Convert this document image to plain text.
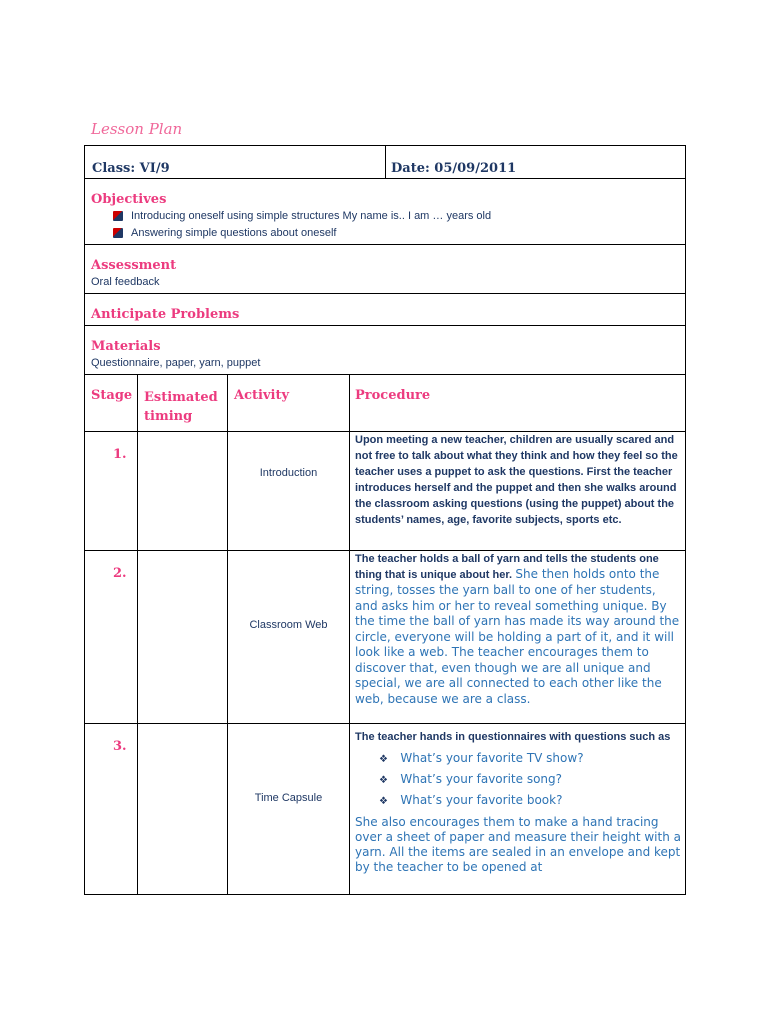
Lesson Plan
Class: VI/9	Date: 05/09/2011
Objectives
Introducing oneself using simple structures My name is.. I am … years old
Answering simple questions about oneself
Assessment
Oral feedback
Anticipate Problems
Materials
Questionnaire, paper, yarn, puppet
Stage Estimated
timing
Activity	Procedure
1.
Introduction
Upon meeting a new teacher, children are usually scared and not free to talk about what they think and how they feel so the teacher uses a puppet to ask the questions. First the teacher introduces herself and the puppet and then she walks around the classroom asking questions (using the puppet) about the students’ names, age, favorite subjects, sports etc.
2.
Classroom Web
The teacher holds a ball of yarn and tells the students one thing that is unique about her. She then holds onto the string, tosses the yarn ball to one of her students, and asks him or her to reveal something unique. By the time the ball of yarn has made its way around the circle, everyone will be holding a part of it, and it will look like a web. The teacher encourages them to discover that, even though we are all unique and special, we are all connected to each other like the web, because we are a class.
3.
Time Capsule
The teacher hands in questionnaires with questions such as
❖ What’s your favorite TV show?
❖ What’s your favorite song?
❖ What’s your favorite book?
She also encourages them to make a hand tracing over a sheet of paper and measure their height with a yarn. All the items are sealed in an envelope and kept by the teacher to be opened at
